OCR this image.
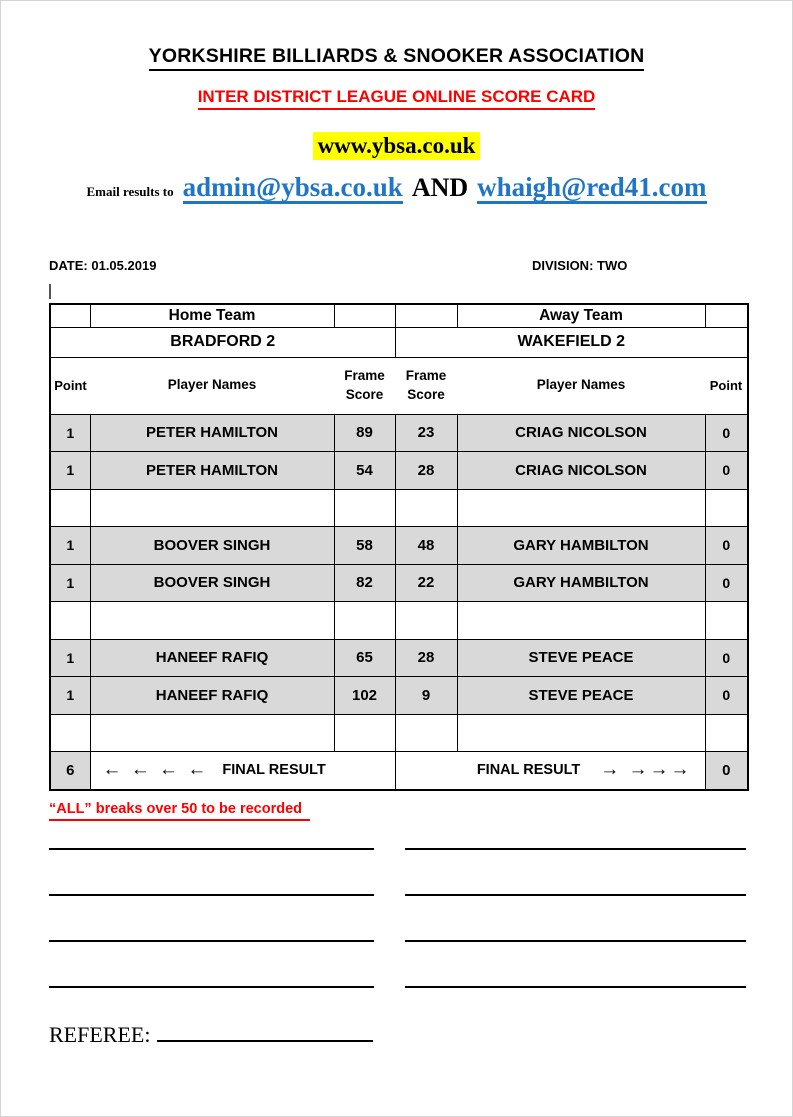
YORKSHIRE BILLIARDS & SNOOKER ASSOCIATION
INTER DISTRICT LEAGUE ONLINE SCORE CARD
www.ybsa.co.uk
Email results to admin@ybsa.co.uk AND whaigh@red41.com
DATE: 01.05.2019	DIVISION: TWO
	Home Team			Away Team	
BRADFORD 2			WAKEFIELD 2		
Point	Player Names	Frame Score	Frame Score	Player Names	Point
1	PETER HAMILTON	89	23	CRIAG NICOLSON	0
1	PETER HAMILTON	54	28	CRIAG NICOLSON	0

1	BOOVER SINGH	58	48	GARY HAMBILTON	0
1	BOOVER SINGH	82	22	GARY HAMBILTON	0

1	HANEEF RAFIQ	65	28	STEVE PEACE	0
1	HANEEF RAFIQ	102	9	STEVE PEACE	0

6	← ← ← ← FINAL RESULT		FINAL RESULT → →→→		0
“ALL” breaks over 50 to be recorded
REFEREE:
